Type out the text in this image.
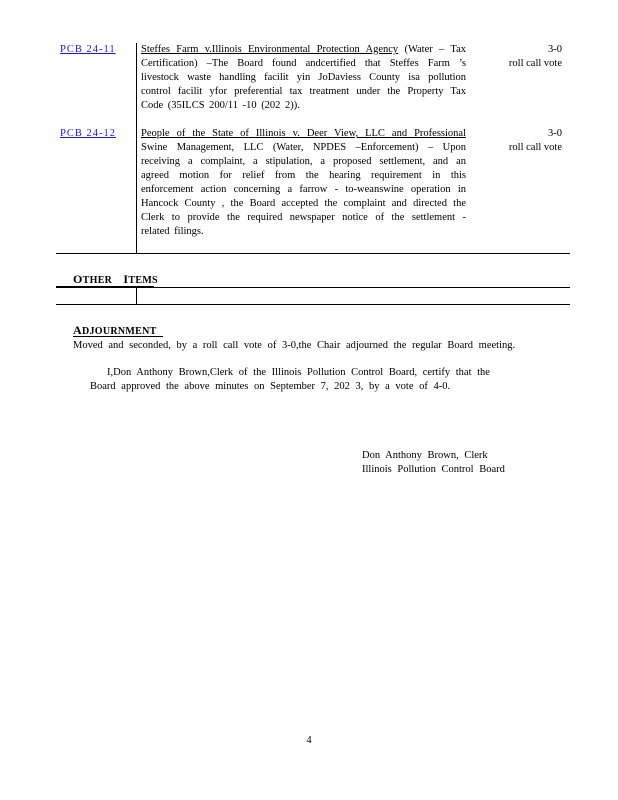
PCB 24-11	Steffes Farm v.Illinois Environmental Protection Agency (Water – Tax Certification) –The Board found andcertified that Steffes Farm ’s livestock waste handling facilit yin JoDaviess County isa pollution control facilit yfor preferential tax treatment under the Property Tax Code (35ILCS 200/11 -10 (202 2)).
3-0
roll call vote
PCB 24-12	People of the State of Illinois v. Deer View, LLC and Professional Swine Management, LLC (Water, NPDES –Enforcement) – Upon receiving a complaint, a stipulation, a proposed settlement, and an agreed motion for relief from the hearing requirement in this enforcement action concerning a farrow - to-weanswine operation in Hancock County , the Board accepted the complaint and directed the Clerk to provide the required newspaper notice of the settlement - related filings.
3-0
roll call vote
OTHER ITEMS
ADJOURNMENT
Moved and seconded, by a roll call vote of 3-0,the Chair adjourned the regular Board meeting.
I,Don Anthony Brown,Clerk of the Illinois Pollution Control Board, certify that the
Board approved the above minutes on September 7, 202 3, by a vote of 4-0.
Don Anthony Brown, Clerk
Illinois Pollution Control Board
4
